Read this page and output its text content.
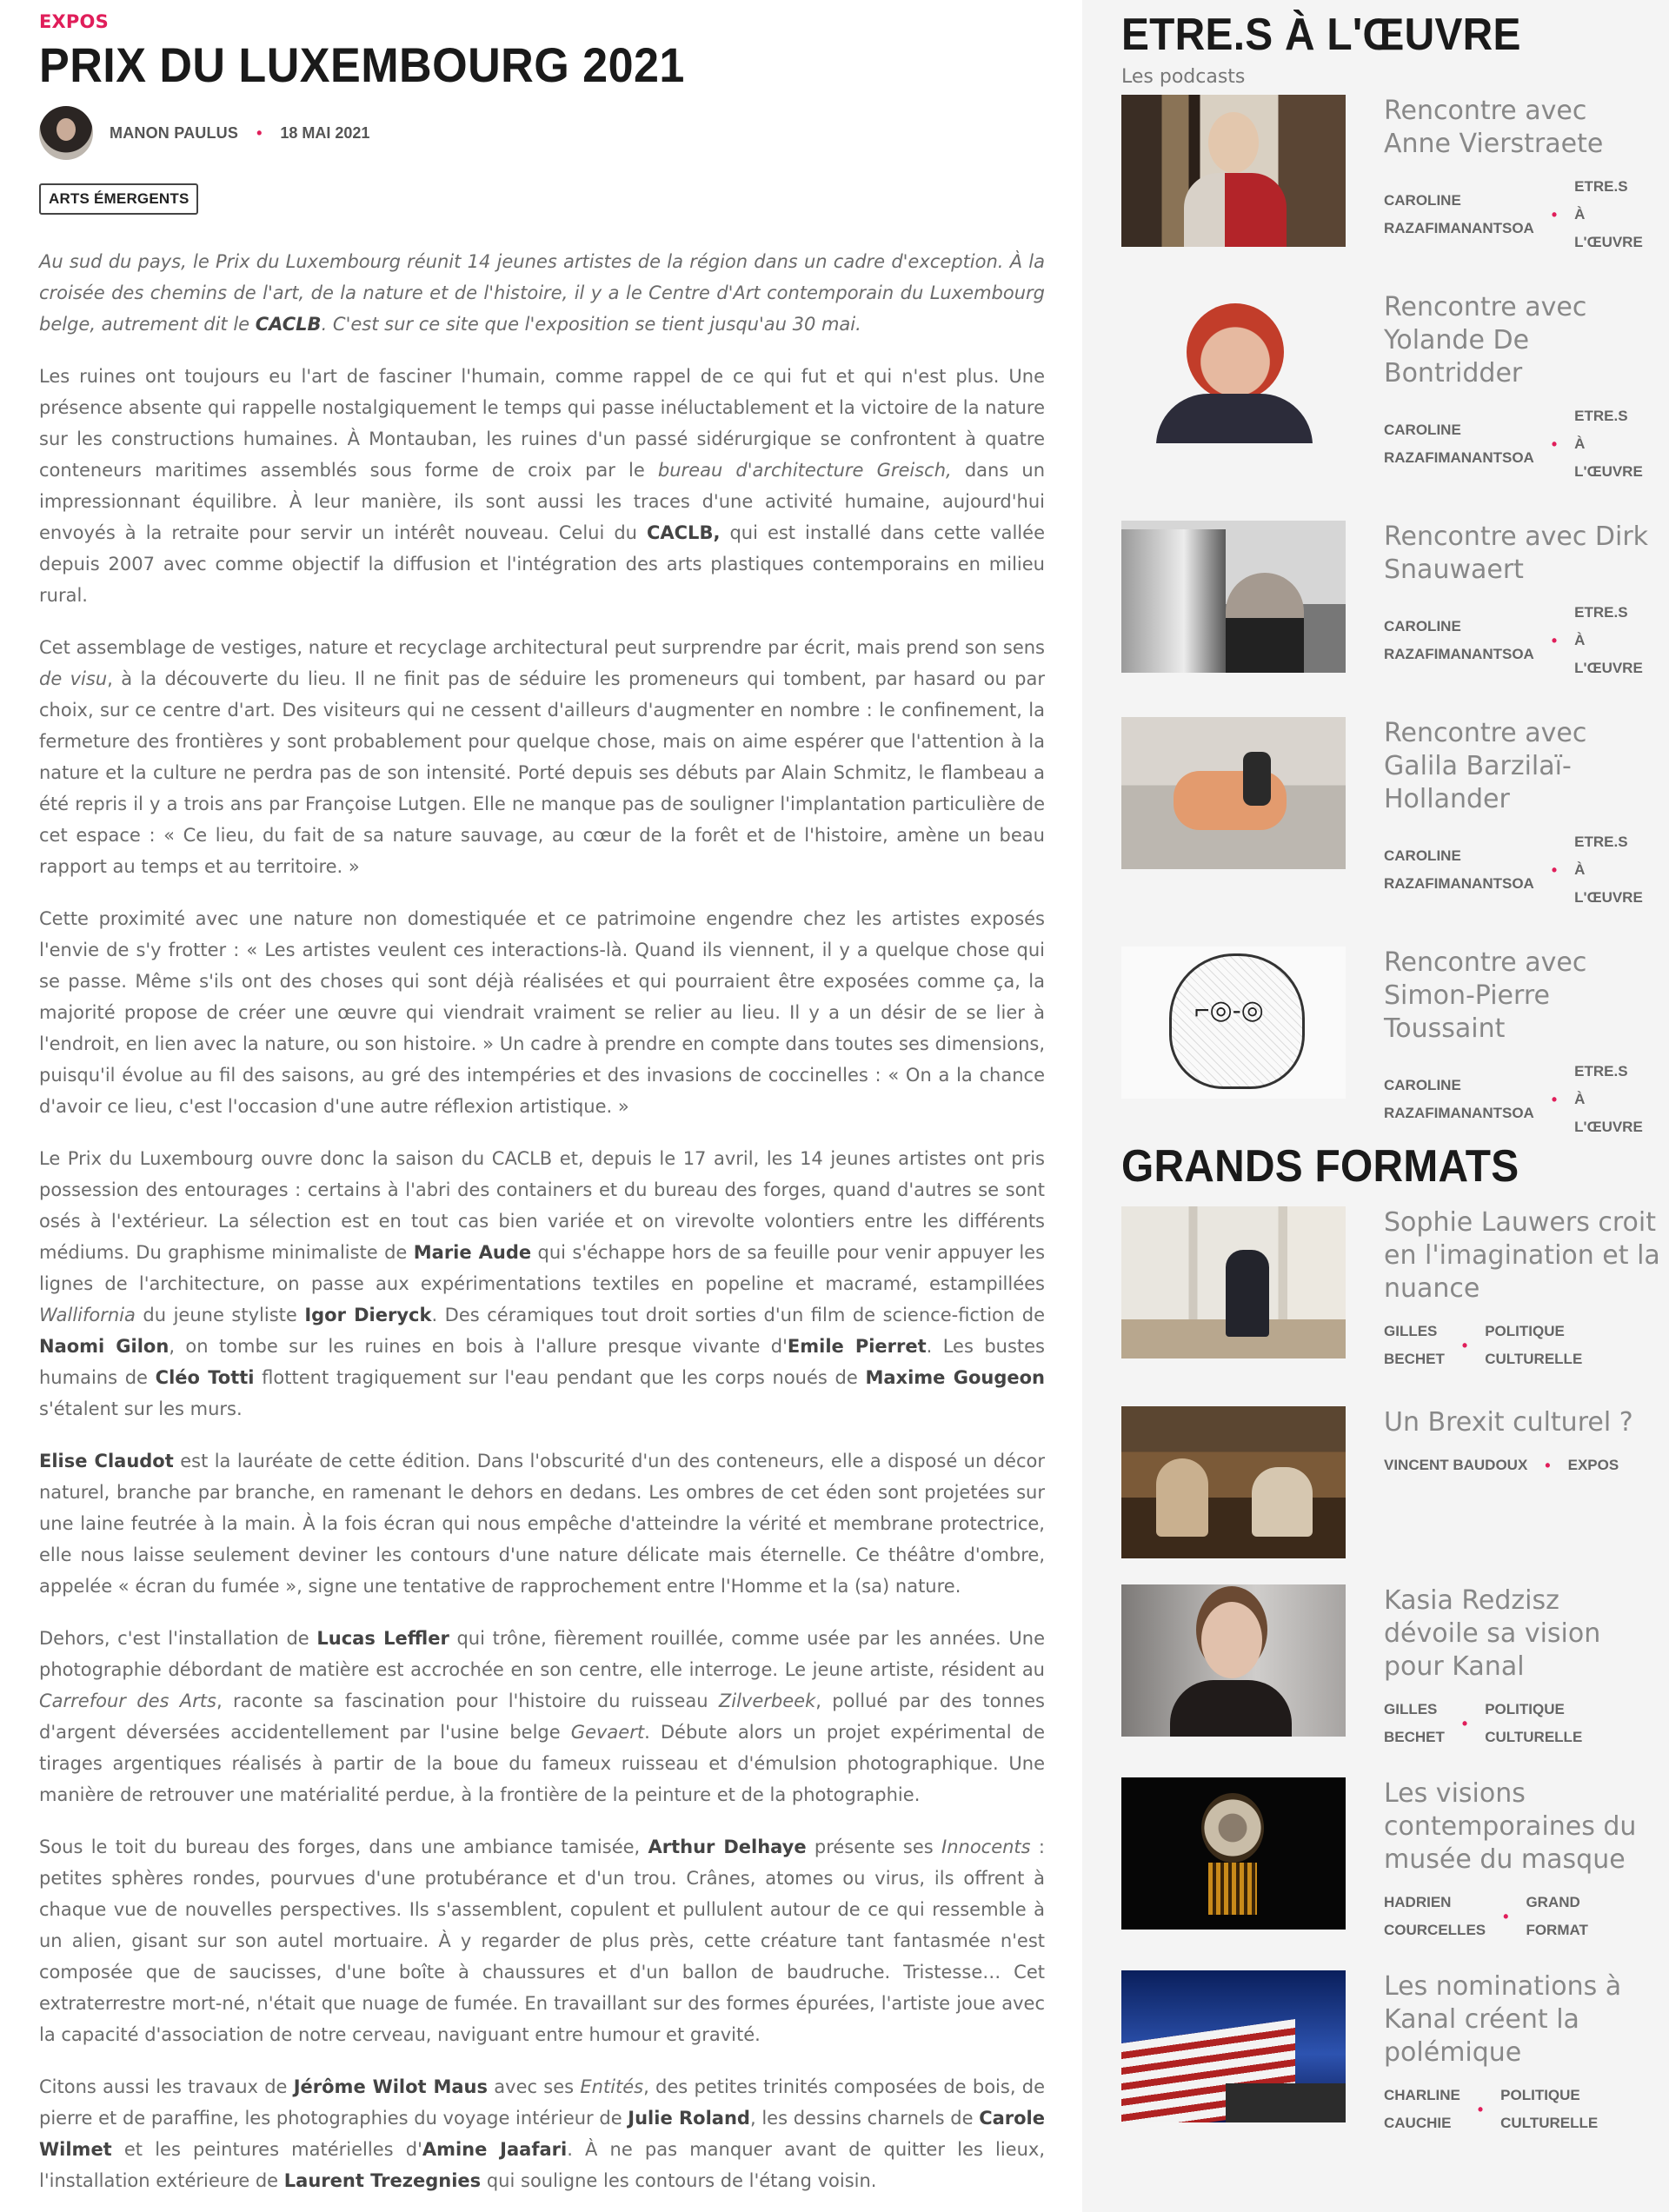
EXPOS
PRIX DU LUXEMBOURG 2021
MANON PAULUS • 18 MAI 2021
ARTS ÉMERGENTS

Au sud du pays, le Prix du Luxembourg réunit 14 jeunes artistes de la région dans un cadre d'exception. À la croisée des chemins de l'art, de la nature et de l'histoire, il y a le Centre d'Art contemporain du Luxembourg belge, autrement dit le CACLB. C'est sur ce site que l'exposition se tient jusqu'au 30 mai.

Les ruines ont toujours eu l'art de fasciner l'humain, comme rappel de ce qui fut et qui n'est plus. Une présence absente qui rappelle nostalgiquement le temps qui passe inéluctablement et la victoire de la nature sur les constructions humaines. À Montauban, les ruines d'un passé sidérurgique se confrontent à quatre conteneurs maritimes assemblés sous forme de croix par le bureau d'architecture Greisch, dans un impressionnant équilibre. À leur manière, ils sont aussi les traces d'une activité humaine, aujourd'hui envoyés à la retraite pour servir un intérêt nouveau. Celui du CACLB, qui est installé dans cette vallée depuis 2007 avec comme objectif la diffusion et l'intégration des arts plastiques contemporains en milieu rural.

Cet assemblage de vestiges, nature et recyclage architectural peut surprendre par écrit, mais prend son sens de visu, à la découverte du lieu. Il ne finit pas de séduire les promeneurs qui tombent, par hasard ou par choix, sur ce centre d'art. Des visiteurs qui ne cessent d'ailleurs d'augmenter en nombre : le confinement, la fermeture des frontières y sont probablement pour quelque chose, mais on aime espérer que l'attention à la nature et la culture ne perdra pas de son intensité. Porté depuis ses débuts par Alain Schmitz, le flambeau a été repris il y a trois ans par Françoise Lutgen. Elle ne manque pas de souligner l'implantation particulière de cet espace : « Ce lieu, du fait de sa nature sauvage, au cœur de la forêt et de l'histoire, amène un beau rapport au temps et au territoire. »

Cette proximité avec une nature non domestiquée et ce patrimoine engendre chez les artistes exposés l'envie de s'y frotter : « Les artistes veulent ces interactions-là. Quand ils viennent, il y a quelque chose qui se passe. Même s'ils ont des choses qui sont déjà réalisées et qui pourraient être exposées comme ça, la majorité propose de créer une œuvre qui viendrait vraiment se relier au lieu. Il y a un désir de se lier à l'endroit, en lien avec la nature, ou son histoire. » Un cadre à prendre en compte dans toutes ses dimensions, puisqu'il évolue au fil des saisons, au gré des intempéries et des invasions de coccinelles : « On a la chance d'avoir ce lieu, c'est l'occasion d'une autre réflexion artistique. »

Le Prix du Luxembourg ouvre donc la saison du CACLB et, depuis le 17 avril, les 14 jeunes artistes ont pris possession des entourages : certains à l'abri des containers et du bureau des forges, quand d'autres se sont osés à l'extérieur. La sélection est en tout cas bien variée et on virevolte volontiers entre les différents médiums. Du graphisme minimaliste de Marie Aude qui s'échappe hors de sa feuille pour venir appuyer les lignes de l'architecture, on passe aux expérimentations textiles en popeline et macramé, estampillées Wallifornia du jeune styliste Igor Dieryck. Des céramiques tout droit sorties d'un film de science-fiction de Naomi Gilon, on tombe sur les ruines en bois à l'allure presque vivante d'Emile Pierret. Les bustes humains de Cléo Totti flottent tragiquement sur l'eau pendant que les corps noués de Maxime Gougeon s'étalent sur les murs.

Elise Claudot est la lauréate de cette édition. Dans l'obscurité d'un des conteneurs, elle a disposé un décor naturel, branche par branche, en ramenant le dehors en dedans. Les ombres de cet éden sont projetées sur une laine feutrée à la main. À la fois écran qui nous empêche d'atteindre la vérité et membrane protectrice, elle nous laisse seulement deviner les contours d'une nature délicate mais éternelle. Ce théâtre d'ombre, appelée « écran du fumée », signe une tentative de rapprochement entre l'Homme et la (sa) nature.

Dehors, c'est l'installation de Lucas Leffler qui trône, fièrement rouillée, comme usée par les années. Une photographie débordant de matière est accrochée en son centre, elle interroge. Le jeune artiste, résident au Carrefour des Arts, raconte sa fascination pour l'histoire du ruisseau Zilverbeek, pollué par des tonnes d'argent déversées accidentellement par l'usine belge Gevaert. Débute alors un projet expérimental de tirages argentiques réalisés à partir de la boue du fameux ruisseau et d'émulsion photographique. Une manière de retrouver une matérialité perdue, à la frontière de la peinture et de la photographie.

Sous le toit du bureau des forges, dans une ambiance tamisée, Arthur Delhaye présente ses Innocents : petites sphères rondes, pourvues d'une protubérance et d'un trou. Crânes, atomes ou virus, ils offrent à chaque vue de nouvelles perspectives. Ils s'assemblent, copulent et pullulent autour de ce qui ressemble à un alien, gisant sur son autel mortuaire. À y regarder de plus près, cette créature tant fantasmée n'est composée que de saucisses, d'une boîte à chaussures et d'un ballon de baudruche. Tristesse… Cet extraterrestre mort-né, n'était que nuage de fumée. En travaillant sur des formes épurées, l'artiste joue avec la capacité d'association de notre cerveau, naviguant entre humour et gravité.

Citons aussi les travaux de Jérôme Wilot Maus avec ses Entités, des petites trinités composées de bois, de pierre et de paraffine, les photographies du voyage intérieur de Julie Roland, les dessins charnels de Carole Wilmet et les peintures matérielles d'Amine Jaafari. À ne pas manquer avant de quitter les lieux, l'installation extérieure de Laurent Trezegnies qui souligne les contours de l'étang voisin.

ETRE.S À L'ŒUVRE
Les podcasts
Rencontre avec Anne Vierstraete
CAROLINE
RAZAFIMANANTSOA
•
ETRE.S
À
L'ŒUVRE
Rencontre avec Yolande De Bontridder
CAROLINE
RAZAFIMANANTSOA
•
ETRE.S
À
L'ŒUVRE
Rencontre avec Dirk Snauwaert
CAROLINE
RAZAFIMANANTSOA
•
ETRE.S
À
L'ŒUVRE
Rencontre avec Galila Barzilaï-Hollander
CAROLINE
RAZAFIMANANTSOA
•
ETRE.S
À
L'ŒUVRE
⌐◎-◎
Rencontre avec Simon-Pierre Toussaint
CAROLINE
RAZAFIMANANTSOA
•
ETRE.S
À
L'ŒUVRE
GRANDS FORMATS
Sophie Lauwers croit en l'imagination et la nuance
GILLES
BECHET
•
POLITIQUE
CULTURELLE
Un Brexit culturel ?
VINCENT BAUDOUX • EXPOS
Kasia Redzisz dévoile sa vision pour Kanal
GILLES
BECHET
•
POLITIQUE
CULTURELLE
Les visions contemporaines du musée du masque
HADRIEN
COURCELLES
•
GRAND
FORMAT
Les nominations à Kanal créent la polémique
CHARLINE
CAUCHIE
•
POLITIQUE
CULTURELLE
